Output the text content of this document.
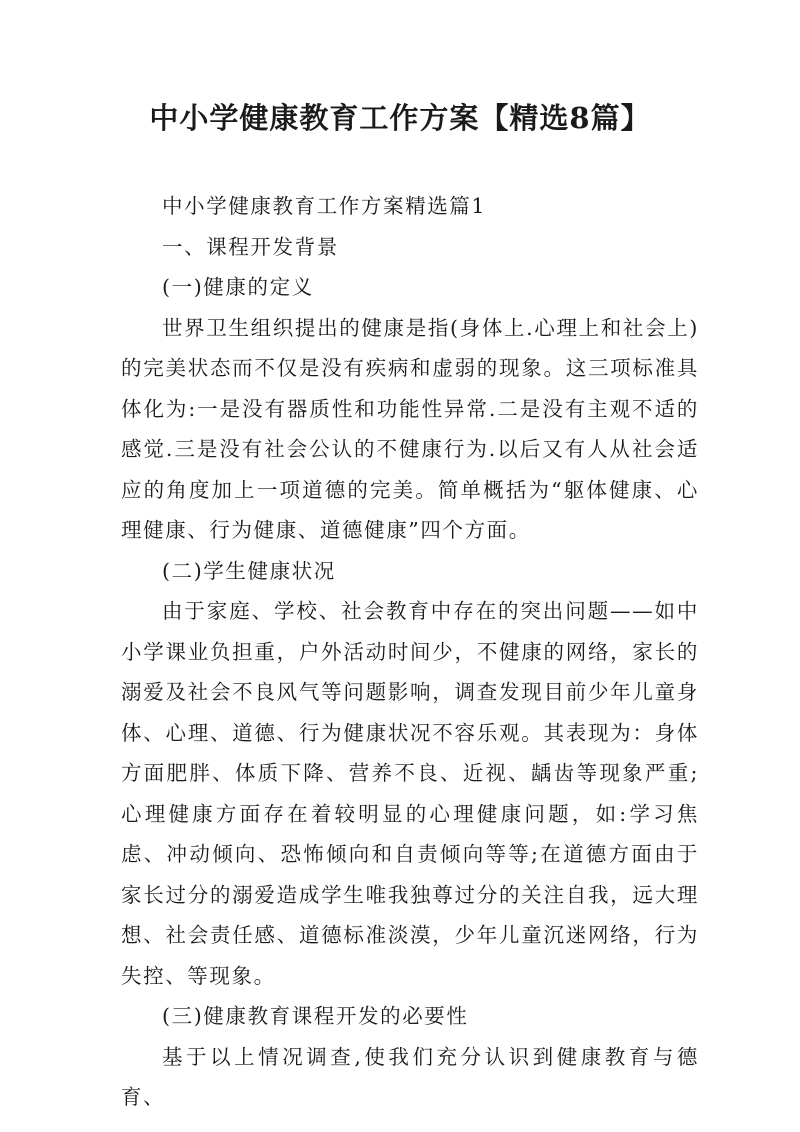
中小学健康教育工作方案【精选8篇】

中小学健康教育工作方案精选篇1

一、课程开发背景

(一)健康的定义

世界卫生组织提出的健康是指(身体上.心理上和社会上)的完美状态而不仅是没有疾病和虚弱的现象。这三项标准具体化为:一是没有器质性和功能性异常.二是没有主观不适的感觉.三是没有社会公认的不健康行为.以后又有人从社会适应的角度加上一项道德的完美。简单概括为“躯体健康、心理健康、行为健康、道德健康”四个方面。

(二)学生健康状况

由于家庭、学校、社会教育中存在的突出问题——如中小学课业负担重，户外活动时间少，不健康的网络，家长的溺爱及社会不良风气等问题影响，调查发现目前少年儿童身体、心理、道德、行为健康状况不容乐观。其表现为：身体方面肥胖、体质下降、营养不良、近视、龋齿等现象严重;心理健康方面存在着较明显的心理健康问题，如:学习焦虑、冲动倾向、恐怖倾向和自责倾向等等;在道德方面由于家长过分的溺爱造成学生唯我独尊过分的关注自我，远大理想、社会责任感、道德标准淡漠，少年儿童沉迷网络，行为失控、等现象。

(三)健康教育课程开发的必要性

基于以上情况调查,使我们充分认识到健康教育与德育、
